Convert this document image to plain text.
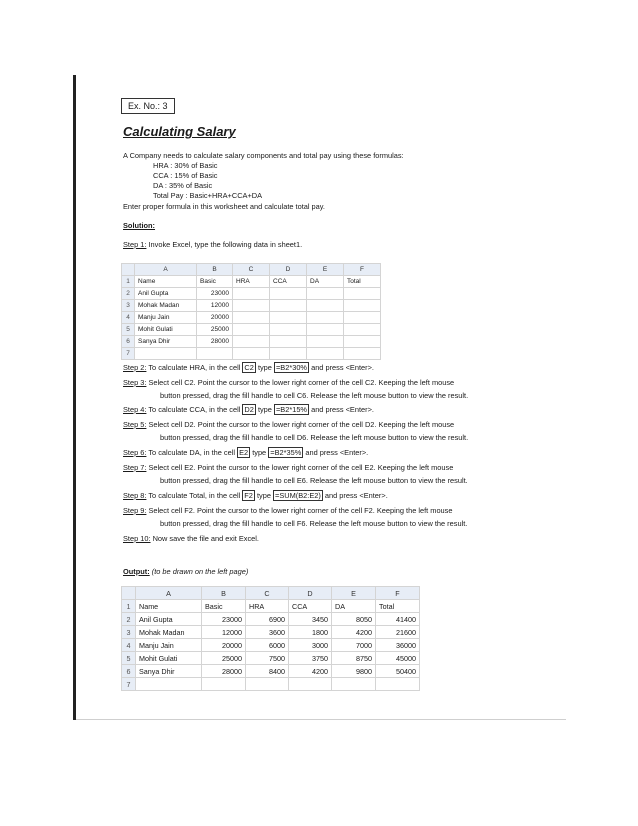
Ex. No.: 3
Calculating Salary
A Company needs to calculate salary components and total pay using these formulas:
HRA : 30% of Basic
CCA : 15% of Basic
DA : 35% of Basic
Total Pay : Basic+HRA+CCA+DA
Enter proper formula in this worksheet and calculate total pay.
Solution:
Step 1: Invoke Excel, type the following data in sheet1.
	A	B	C	D	E	F
1	Name	Basic	HRA	CCA	DA	Total
2	Anil Gupta	23000				
3	Mohak Madan	12000				
4	Manju Jain	20000				
5	Mohit Gulati	25000				
6	Sanya Dhir	28000				
7						
Step 2: To calculate HRA, in the cell C2 type =B2*30% and press <Enter>.
Step 3: Select cell C2. Point the cursor to the lower right corner of the cell C2. Keeping the left mouse
button pressed, drag the fill handle to cell C6. Release the left mouse button to view the result.
Step 4: To calculate CCA, in the cell D2 type =B2*15% and press <Enter>.
Step 5: Select cell D2. Point the cursor to the lower right corner of the cell D2. Keeping the left mouse
button pressed, drag the fill handle to cell D6. Release the left mouse button to view the result.
Step 6: To calculate DA, in the cell E2 type =B2*35% and press <Enter>.
Step 7: Select cell E2. Point the cursor to the lower right corner of the cell E2. Keeping the left mouse
button pressed, drag the fill handle to cell E6. Release the left mouse button to view the result.
Step 8: To calculate Total, in the cell F2 type =SUM(B2:E2) and press <Enter>.
Step 9: Select cell F2. Point the cursor to the lower right corner of the cell F2. Keeping the left mouse
button pressed, drag the fill handle to cell F6. Release the left mouse button to view the result.
Step 10: Now save the file and exit Excel.
Output: (to be drawn on the left page)
	A	B	C	D	E	F
1	Name	Basic	HRA	CCA	DA	Total
2	Anil Gupta	23000	6900	3450	8050	41400
3	Mohak Madan	12000	3600	1800	4200	21600
4	Manju Jain	20000	6000	3000	7000	36000
5	Mohit Gulati	25000	7500	3750	8750	45000
6	Sanya Dhir	28000	8400	4200	9800	50400
7						
